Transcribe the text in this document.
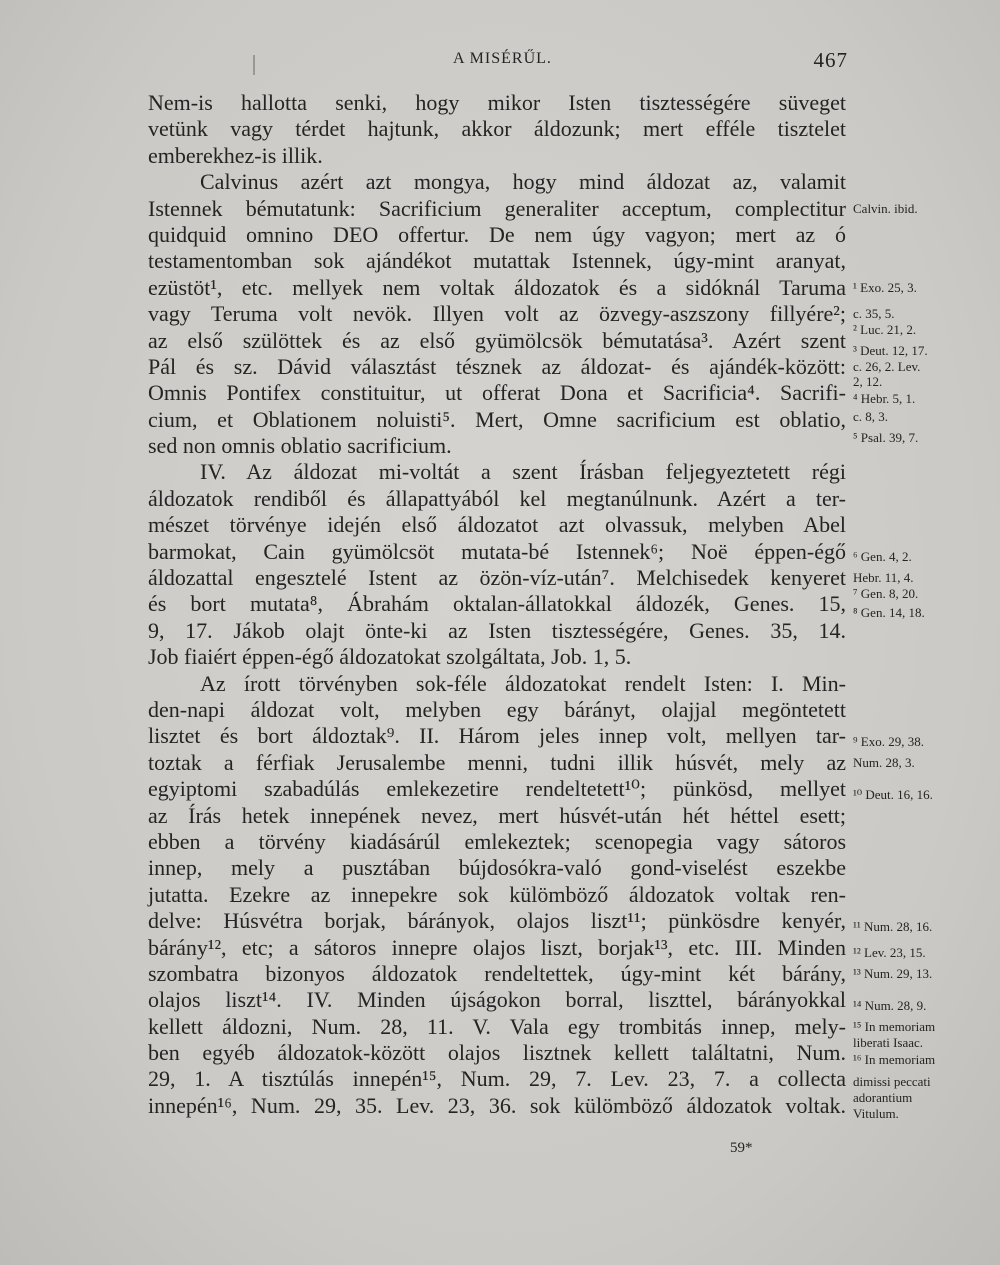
A MISÉRŰL.	467
Nem-is hallotta senki, hogy mikor Isten tisztességére süveget
vetünk vagy térdet hajtunk, akkor áldozunk; mert efféle tisztelet
emberekhez-is illik.
Calvinus azért azt mongya, hogy mind áldozat az, valamit
Istennek bémutatunk: Sacrificium generaliter acceptum, complectitur
quidquid omnino DEO offertur. De nem úgy vagyon; mert az ó
testamentomban sok ajándékot mutattak Istennek, úgy-mint aranyat,
ezüstöt¹, etc. mellyek nem voltak áldozatok és a sidóknál Taruma
vagy Teruma volt nevök. Illyen volt az özvegy-aszszony fillyére²;
az első szülöttek és az első gyümölcsök bémutatása³. Azért szent
Pál és sz. Dávid választást tésznek az áldozat- és ajándék-között:
Omnis Pontifex constituitur, ut offerat Dona et Sacrificia⁴. Sacrifi-
cium, et Oblationem noluisti⁵. Mert, Omne sacrificium est oblatio,
sed non omnis oblatio sacrificium.
IV. Az áldozat mi-voltát a szent Írásban feljegyeztetett régi
áldozatok rendiből és állapattyából kel megtanúlnunk. Azért a ter-
mészet törvénye idején első áldozatot azt olvassuk, melyben Abel
barmokat, Cain gyümölcsöt mutata-bé Istennek⁶; Noë éppen-égő
áldozattal engesztelé Istent az özön-víz-után⁷. Melchisedek kenyeret
és bort mutata⁸, Ábrahám oktalan-állatokkal áldozék, Genes. 15,
9, 17. Jákob olajt önte-ki az Isten tisztességére, Genes. 35, 14.
Job fiaiért éppen-égő áldozatokat szolgáltata, Job. 1, 5.
Az írott törvényben sok-féle áldozatokat rendelt Isten: I. Min-
den-napi áldozat volt, melyben egy bárányt, olajjal megöntetett
lisztet és bort áldoztak⁹. II. Három jeles innep volt, mellyen tar-
toztak a férfiak Jerusalembe menni, tudni illik húsvét, mely az
egyiptomi szabadúlás emlekezetire rendeltetett¹⁰; pünkösd, mellyet
az Írás hetek innepének nevez, mert húsvét-után hét héttel esett;
ebben a törvény kiadásárúl emlekeztek; scenopegia vagy sátoros
innep, mely a pusztában bújdosókra-való gond-viselést eszekbe
jutatta. Ezekre az innepekre sok külömböző áldozatok voltak ren-
delve: Húsvétra borjak, bárányok, olajos liszt¹¹; pünkösdre kenyér,
bárány¹², etc; a sátoros innepre olajos liszt, borjak¹³, etc. III. Minden
szombatra bizonyos áldozatok rendeltettek, úgy-mint két bárány,
olajos liszt¹⁴. IV. Minden újságokon borral, liszttel, bárányokkal
kellett áldozni, Num. 28, 11. V. Vala egy trombitás innep, mely-
ben egyéb áldozatok-között olajos lisztnek kellett találtatni, Num.
29, 1. A tisztúlás innepén¹⁵, Num. 29, 7. Lev. 23, 7. a collecta
innepén¹⁶, Num. 29, 35. Lev. 23, 36. sok külömböző áldozatok voltak.
Calvin. ibid.
¹ Exo. 25, 3.
c. 35, 5.
² Luc. 21, 2.
³ Deut. 12, 17.
c. 26, 2. Lev.
2, 12.
⁴ Hebr. 5, 1.
c. 8, 3.
⁵ Psal. 39, 7.
⁶ Gen. 4, 2.
Hebr. 11, 4.
⁷ Gen. 8, 20.
⁸ Gen. 14, 18.
⁹ Exo. 29, 38.
Num. 28, 3.
¹⁰ Deut. 16, 16.
¹¹ Num. 28, 16.
¹² Lev. 23, 15.
¹³ Num. 29, 13.
¹⁴ Num. 28, 9.
¹⁵ In memoriam
liberati Isaac.
¹⁶ In memoriam
dimissi peccati
adorantium
Vitulum.
59*
